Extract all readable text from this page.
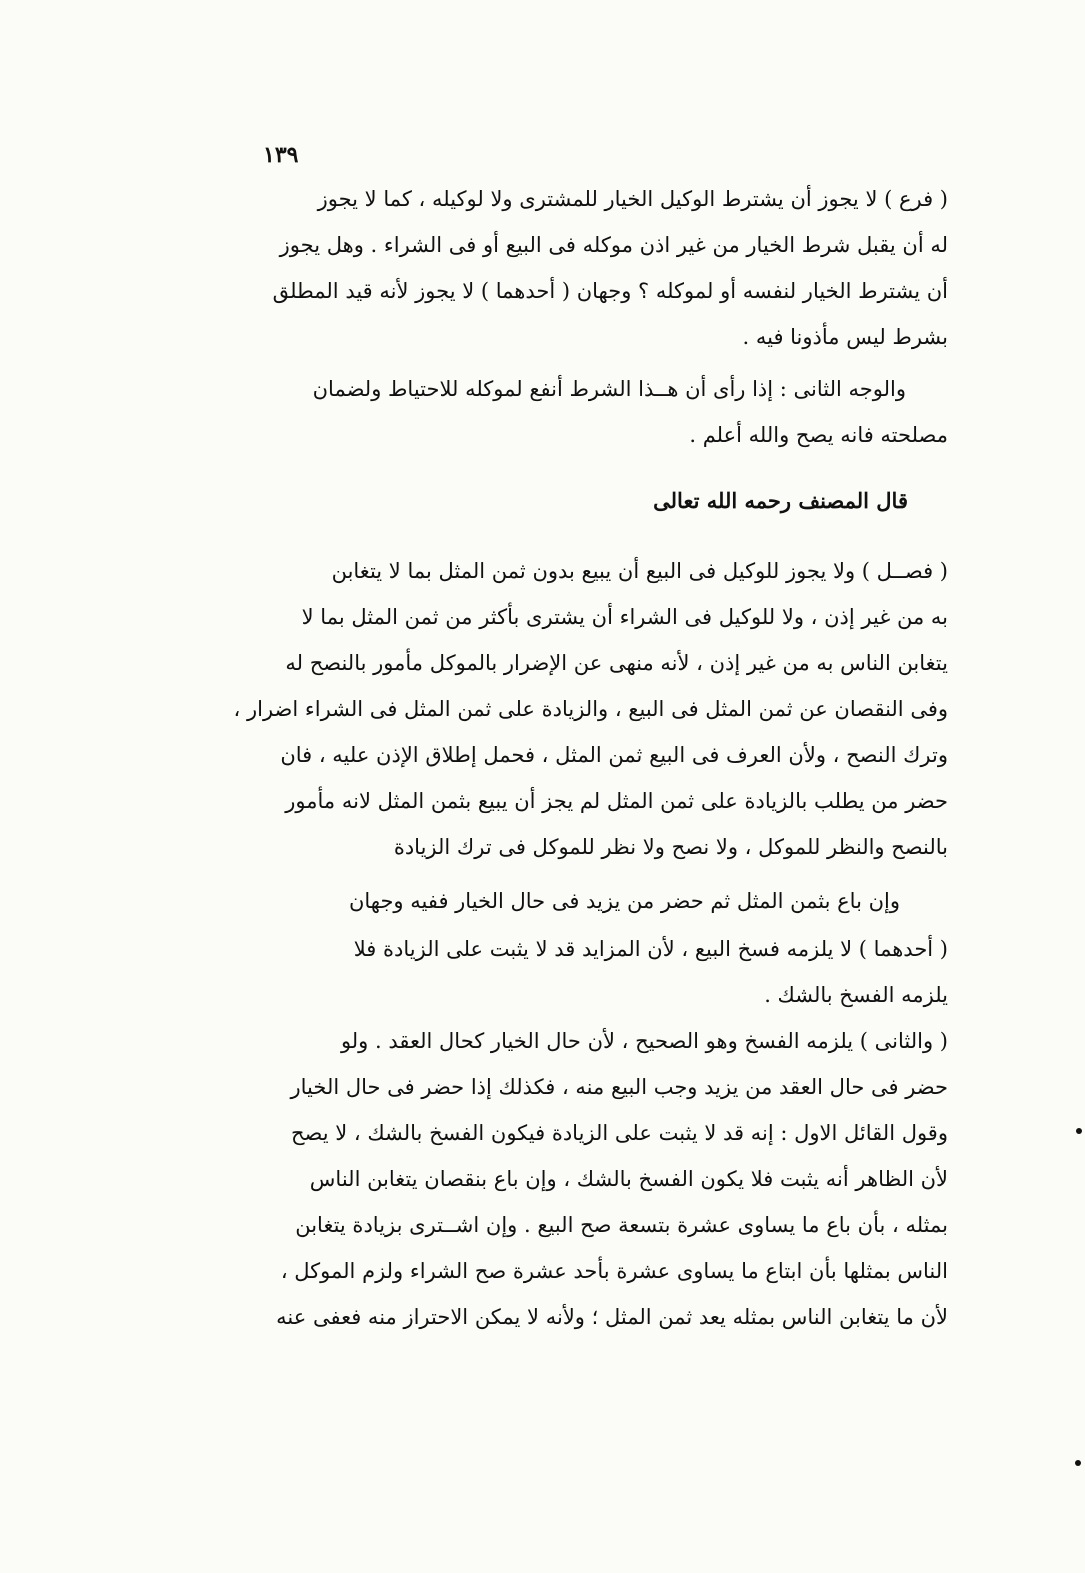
١٣٩

( فرع ) لا يجوز أن يشترط الوكيل الخيار للمشترى ولا لوكيله ، كما لا يجوز

له أن يقبل شرط الخيار من غير اذن موكله فى البيع أو فى الشراء . وهل يجوز

أن يشترط الخيار لنفسه أو لموكله ؟ وجهان ( أحدهما ) لا يجوز لأنه قيد المطلق

بشرط ليس مأذونا فيه .

والوجه الثانى : إذا رأى أن هــذا الشرط أنفع لموكله للاحتياط ولضمان

مصلحته فانه يصح والله أعلم .

قال المصنف رحمه الله تعالى

( فصــل ) ولا يجوز للوكيل فى البيع أن يبيع بدون ثمن المثل بما لا يتغابن

به من غير إذن ، ولا للوكيل فى الشراء أن يشترى بأكثر من ثمن المثل بما لا

يتغابن الناس به من غير إذن ، لأنه منهى عن الإضرار بالموكل مأمور بالنصح له

وفى النقصان عن ثمن المثل فى البيع ، والزيادة على ثمن المثل فى الشراء اضرار ،

وترك النصح ، ولأن العرف فى البيع ثمن المثل ، فحمل إطلاق الإذن عليه ، فان

حضر من يطلب بالزيادة على ثمن المثل لم يجز أن يبيع بثمن المثل لانه مأمور

بالنصح والنظر للموكل ، ولا نصح ولا نظر للموكل فى ترك الزيادة

وإن باع بثمن المثل ثم حضر من يزيد فى حال الخيار ففيه وجهان

( أحدهما ) لا يلزمه فسخ البيع ، لأن المزايد قد لا يثبت على الزيادة فلا

يلزمه الفسخ بالشك .

( والثانى ) يلزمه الفسخ وهو الصحيح ، لأن حال الخيار كحال العقد . ولو

حضر فى حال العقد من يزيد وجب البيع منه ، فكذلك إذا حضر فى حال الخيار

وقول القائل الاول : إنه قد لا يثبت على الزيادة فيكون الفسخ بالشك ، لا يصح

لأن الظاهر أنه يثبت فلا يكون الفسخ بالشك ، وإن باع بنقصان يتغابن الناس

بمثله ، بأن باع ما يساوى عشرة بتسعة صح البيع . وإن اشــترى بزيادة يتغابن

الناس بمثلها بأن ابتاع ما يساوى عشرة بأحد عشرة صح الشراء ولزم الموكل ،

لأن ما يتغابن الناس بمثله يعد ثمن المثل ؛ ولأنه لا يمكن الاحتراز منه فعفى عنه
